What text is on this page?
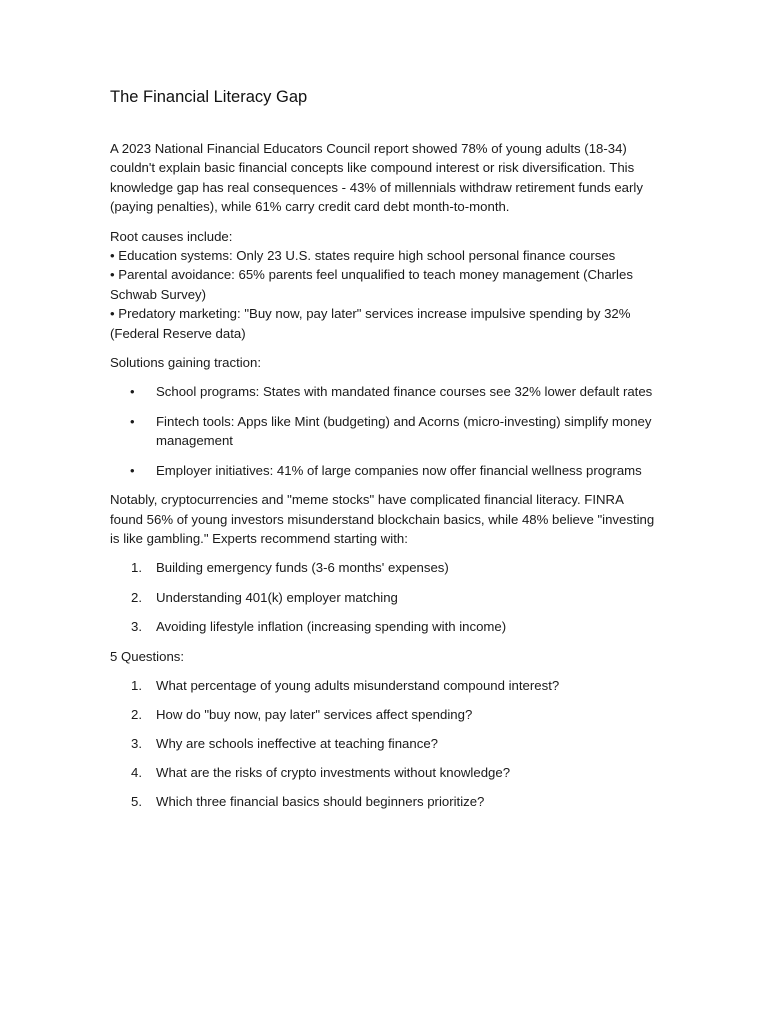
The Financial Literacy Gap

A 2023 National Financial Educators Council report showed 78% of young adults (18-34) couldn't explain basic financial concepts like compound interest or risk diversification. This knowledge gap has real consequences - 43% of millennials withdraw retirement funds early (paying penalties), while 61% carry credit card debt month-to-month.

Root causes include:
• Education systems: Only 23 U.S. states require high school personal finance courses
• Parental avoidance: 65% parents feel unqualified to teach money management (Charles Schwab Survey)
• Predatory marketing: "Buy now, pay later" services increase impulsive spending by 32% (Federal Reserve data)

Solutions gaining traction:

• School programs: States with mandated finance courses see 32% lower default rates
• Fintech tools: Apps like Mint (budgeting) and Acorns (micro-investing) simplify money management
• Employer initiatives: 41% of large companies now offer financial wellness programs

Notably, cryptocurrencies and "meme stocks" have complicated financial literacy. FINRA found 56% of young investors misunderstand blockchain basics, while 48% believe "investing is like gambling." Experts recommend starting with:

1. Building emergency funds (3-6 months' expenses)
2. Understanding 401(k) employer matching
3. Avoiding lifestyle inflation (increasing spending with income)

5 Questions:

1. What percentage of young adults misunderstand compound interest?
2. How do "buy now, pay later" services affect spending?
3. Why are schools ineffective at teaching finance?
4. What are the risks of crypto investments without knowledge?
5. Which three financial basics should beginners prioritize?
